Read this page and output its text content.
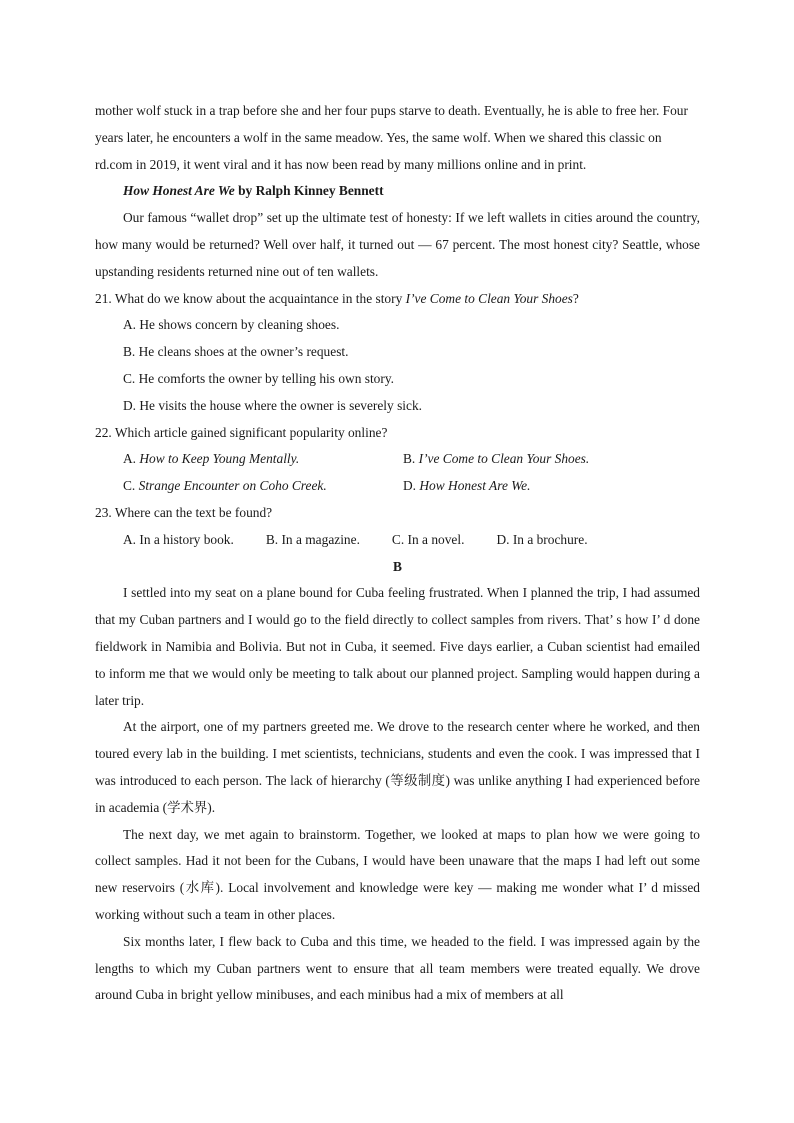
mother wolf stuck in a trap before she and her four pups starve to death. Eventually, he is able to free her. Four years later, he encounters a wolf in the same meadow. Yes, the same wolf. When we shared this classic on rd.com in 2019, it went viral and it has now been read by many millions online and in print.

How Honest Are We by Ralph Kinney Bennett

Our famous “wallet drop” set up the ultimate test of honesty: If we left wallets in cities around the country, how many would be returned? Well over half, it turned out — 67 percent. The most honest city? Seattle, whose upstanding residents returned nine out of ten wallets.

21. What do we know about the acquaintance in the story I’ve Come to Clean Your Shoes?

A. He shows concern by cleaning shoes.

B. He cleans shoes at the owner’s request.

C. He comforts the owner by telling his own story.

D. He visits the house where the owner is severely sick.

22. Which article gained significant popularity online?

A. How to Keep Young Mentally.	B. I’ve Come to Clean Your Shoes.
C. Strange Encounter on Coho Creek.	D. How Honest Are We.

23. Where can the text be found?

A. In a history book. B. In a magazine. C. In a novel. D. In a brochure.

B

I settled into my seat on a plane bound for Cuba feeling frustrated. When I planned the trip, I had assumed that my Cuban partners and I would go to the field directly to collect samples from rivers. That’ s how I’ d done fieldwork in Namibia and Bolivia. But not in Cuba, it seemed. Five days earlier, a Cuban scientist had emailed to inform me that we would only be meeting to talk about our planned project. Sampling would happen during a later trip.

At the airport, one of my partners greeted me. We drove to the research center where he worked, and then toured every lab in the building. I met scientists, technicians, students and even the cook. I was impressed that I was introduced to each person. The lack of hierarchy (等级制度) was unlike anything I had experienced before in academia (学术界).

The next day, we met again to brainstorm. Together, we looked at maps to plan how we were going to collect samples. Had it not been for the Cubans, I would have been unaware that the maps I had left out some new reservoirs (水库). Local involvement and knowledge were key — making me wonder what I’ d missed working without such a team in other places.

Six months later, I flew back to Cuba and this time, we headed to the field. I was impressed again by the lengths to which my Cuban partners went to ensure that all team members were treated equally. We drove around Cuba in bright yellow minibuses, and each minibus had a mix of members at all
